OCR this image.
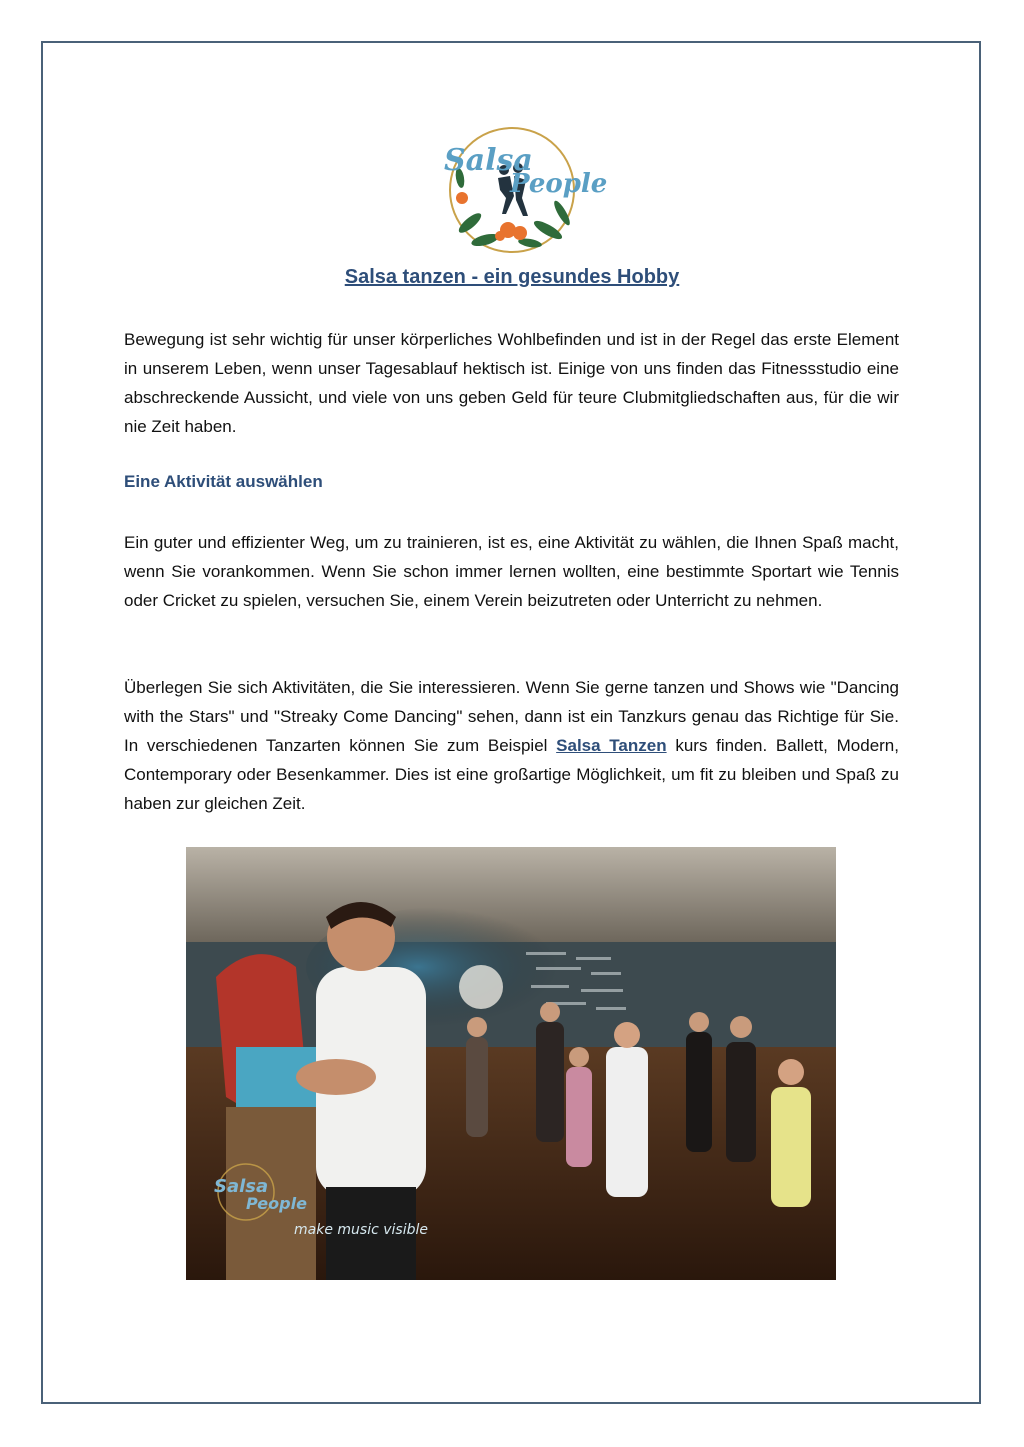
Salsa
People
Salsa tanzen - ein gesundes Hobby
Bewegung ist sehr wichtig für unser körperliches Wohlbefinden und ist in der Regel das erste Element in unserem Leben, wenn unser Tagesablauf hektisch ist. Einige von uns finden das Fitnessstudio eine abschreckende Aussicht, und viele von uns geben Geld für teure Clubmitgliedschaften aus, für die wir nie Zeit haben.
Eine Aktivität auswählen
Ein guter und effizienter Weg, um zu trainieren, ist es, eine Aktivität zu wählen, die Ihnen Spaß macht, wenn Sie vorankommen. Wenn Sie schon immer lernen wollten, eine bestimmte Sportart wie Tennis oder Cricket zu spielen, versuchen Sie, einem Verein beizutreten oder Unterricht zu nehmen.
Überlegen Sie sich Aktivitäten, die Sie interessieren. Wenn Sie gerne tanzen und Shows wie "Dancing with the Stars" und "Streaky Come Dancing" sehen, dann ist ein Tanzkurs genau das Richtige für Sie. In verschiedenen Tanzarten können Sie zum Beispiel Salsa Tanzen kurs finden. Ballett, Modern, Contemporary oder Besenkammer. Dies ist eine großartige Möglichkeit, um fit zu bleiben und Spaß zu haben zur gleichen Zeit.
Salsa
People
make music visible
